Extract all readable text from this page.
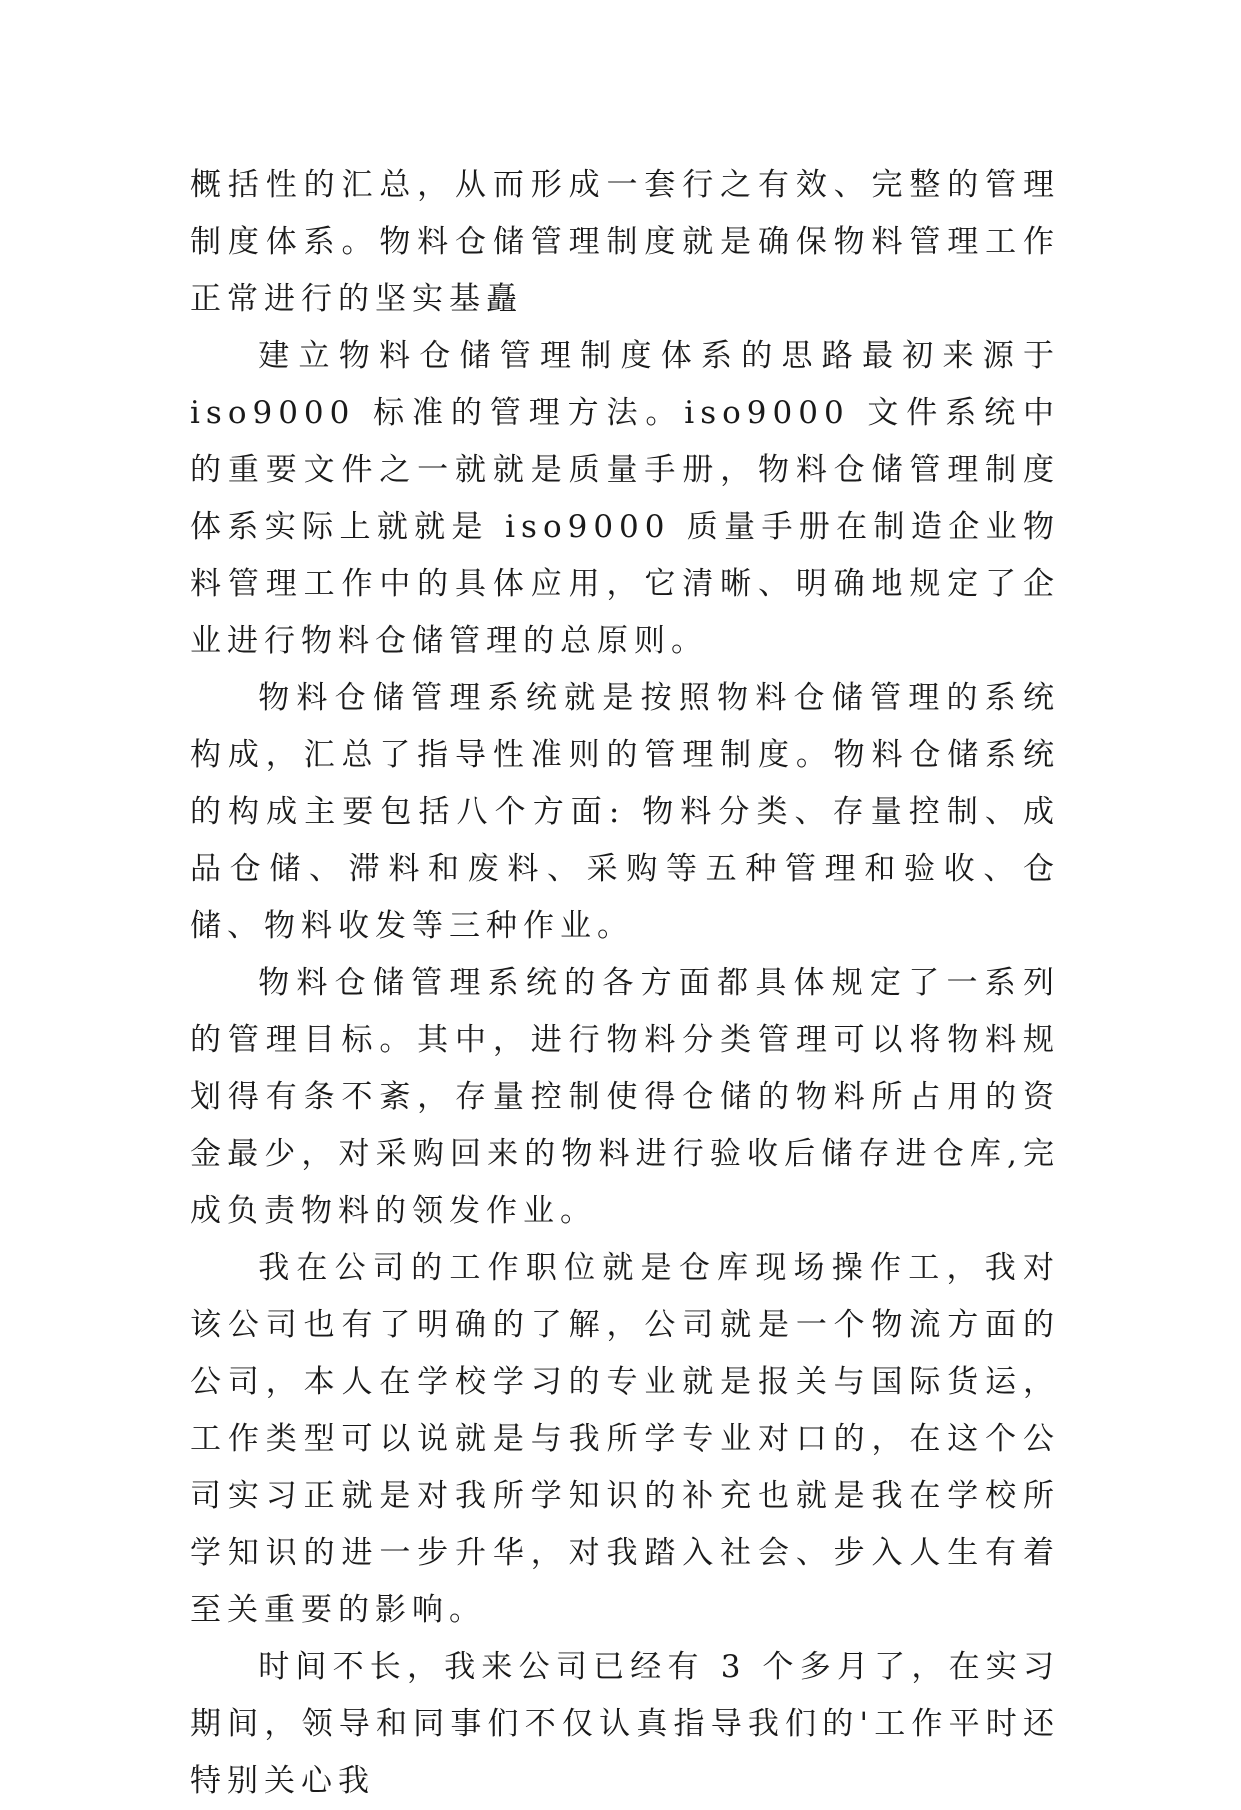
概括性的汇总，从而形成一套行之有效、完整的管理制度体系。物料仓储管理制度就是确保物料管理工作正常进行的坚实基矗

建立物料仓储管理制度体系的思路最初来源于 iso9000 标准的管理方法。iso9000 文件系统中的重要文件之一就就是质量手册，物料仓储管理制度体系实际上就就是 iso9000 质量手册在制造企业物料管理工作中的具体应用，它清晰、明确地规定了企业进行物料仓储管理的总原则。

物料仓储管理系统就是按照物料仓储管理的系统构成，汇总了指导性准则的管理制度。物料仓储系统的构成主要包括八个方面: 物料分类、存量控制、成品仓储、滞料和废料、采购等五种管理和验收、仓储、物料收发等三种作业。

物料仓储管理系统的各方面都具体规定了一系列的管理目标。其中，进行物料分类管理可以将物料规划得有条不紊，存量控制使得仓储的物料所占用的资金最少，对采购回来的物料进行验收后储存进仓库,完成负责物料的领发作业。

我在公司的工作职位就是仓库现场操作工，我对该公司也有了明确的了解，公司就是一个物流方面的公司，本人在学校学习的专业就是报关与国际货运，工作类型可以说就是与我所学专业对口的，在这个公司实习正就是对我所学知识的补充也就是我在学校所学知识的进一步升华，对我踏入社会、步入人生有着至关重要的影响。

时间不长，我来公司已经有 3 个多月了，在实习期间，领导和同事们不仅认真指导我们的'工作平时还特别关心我
